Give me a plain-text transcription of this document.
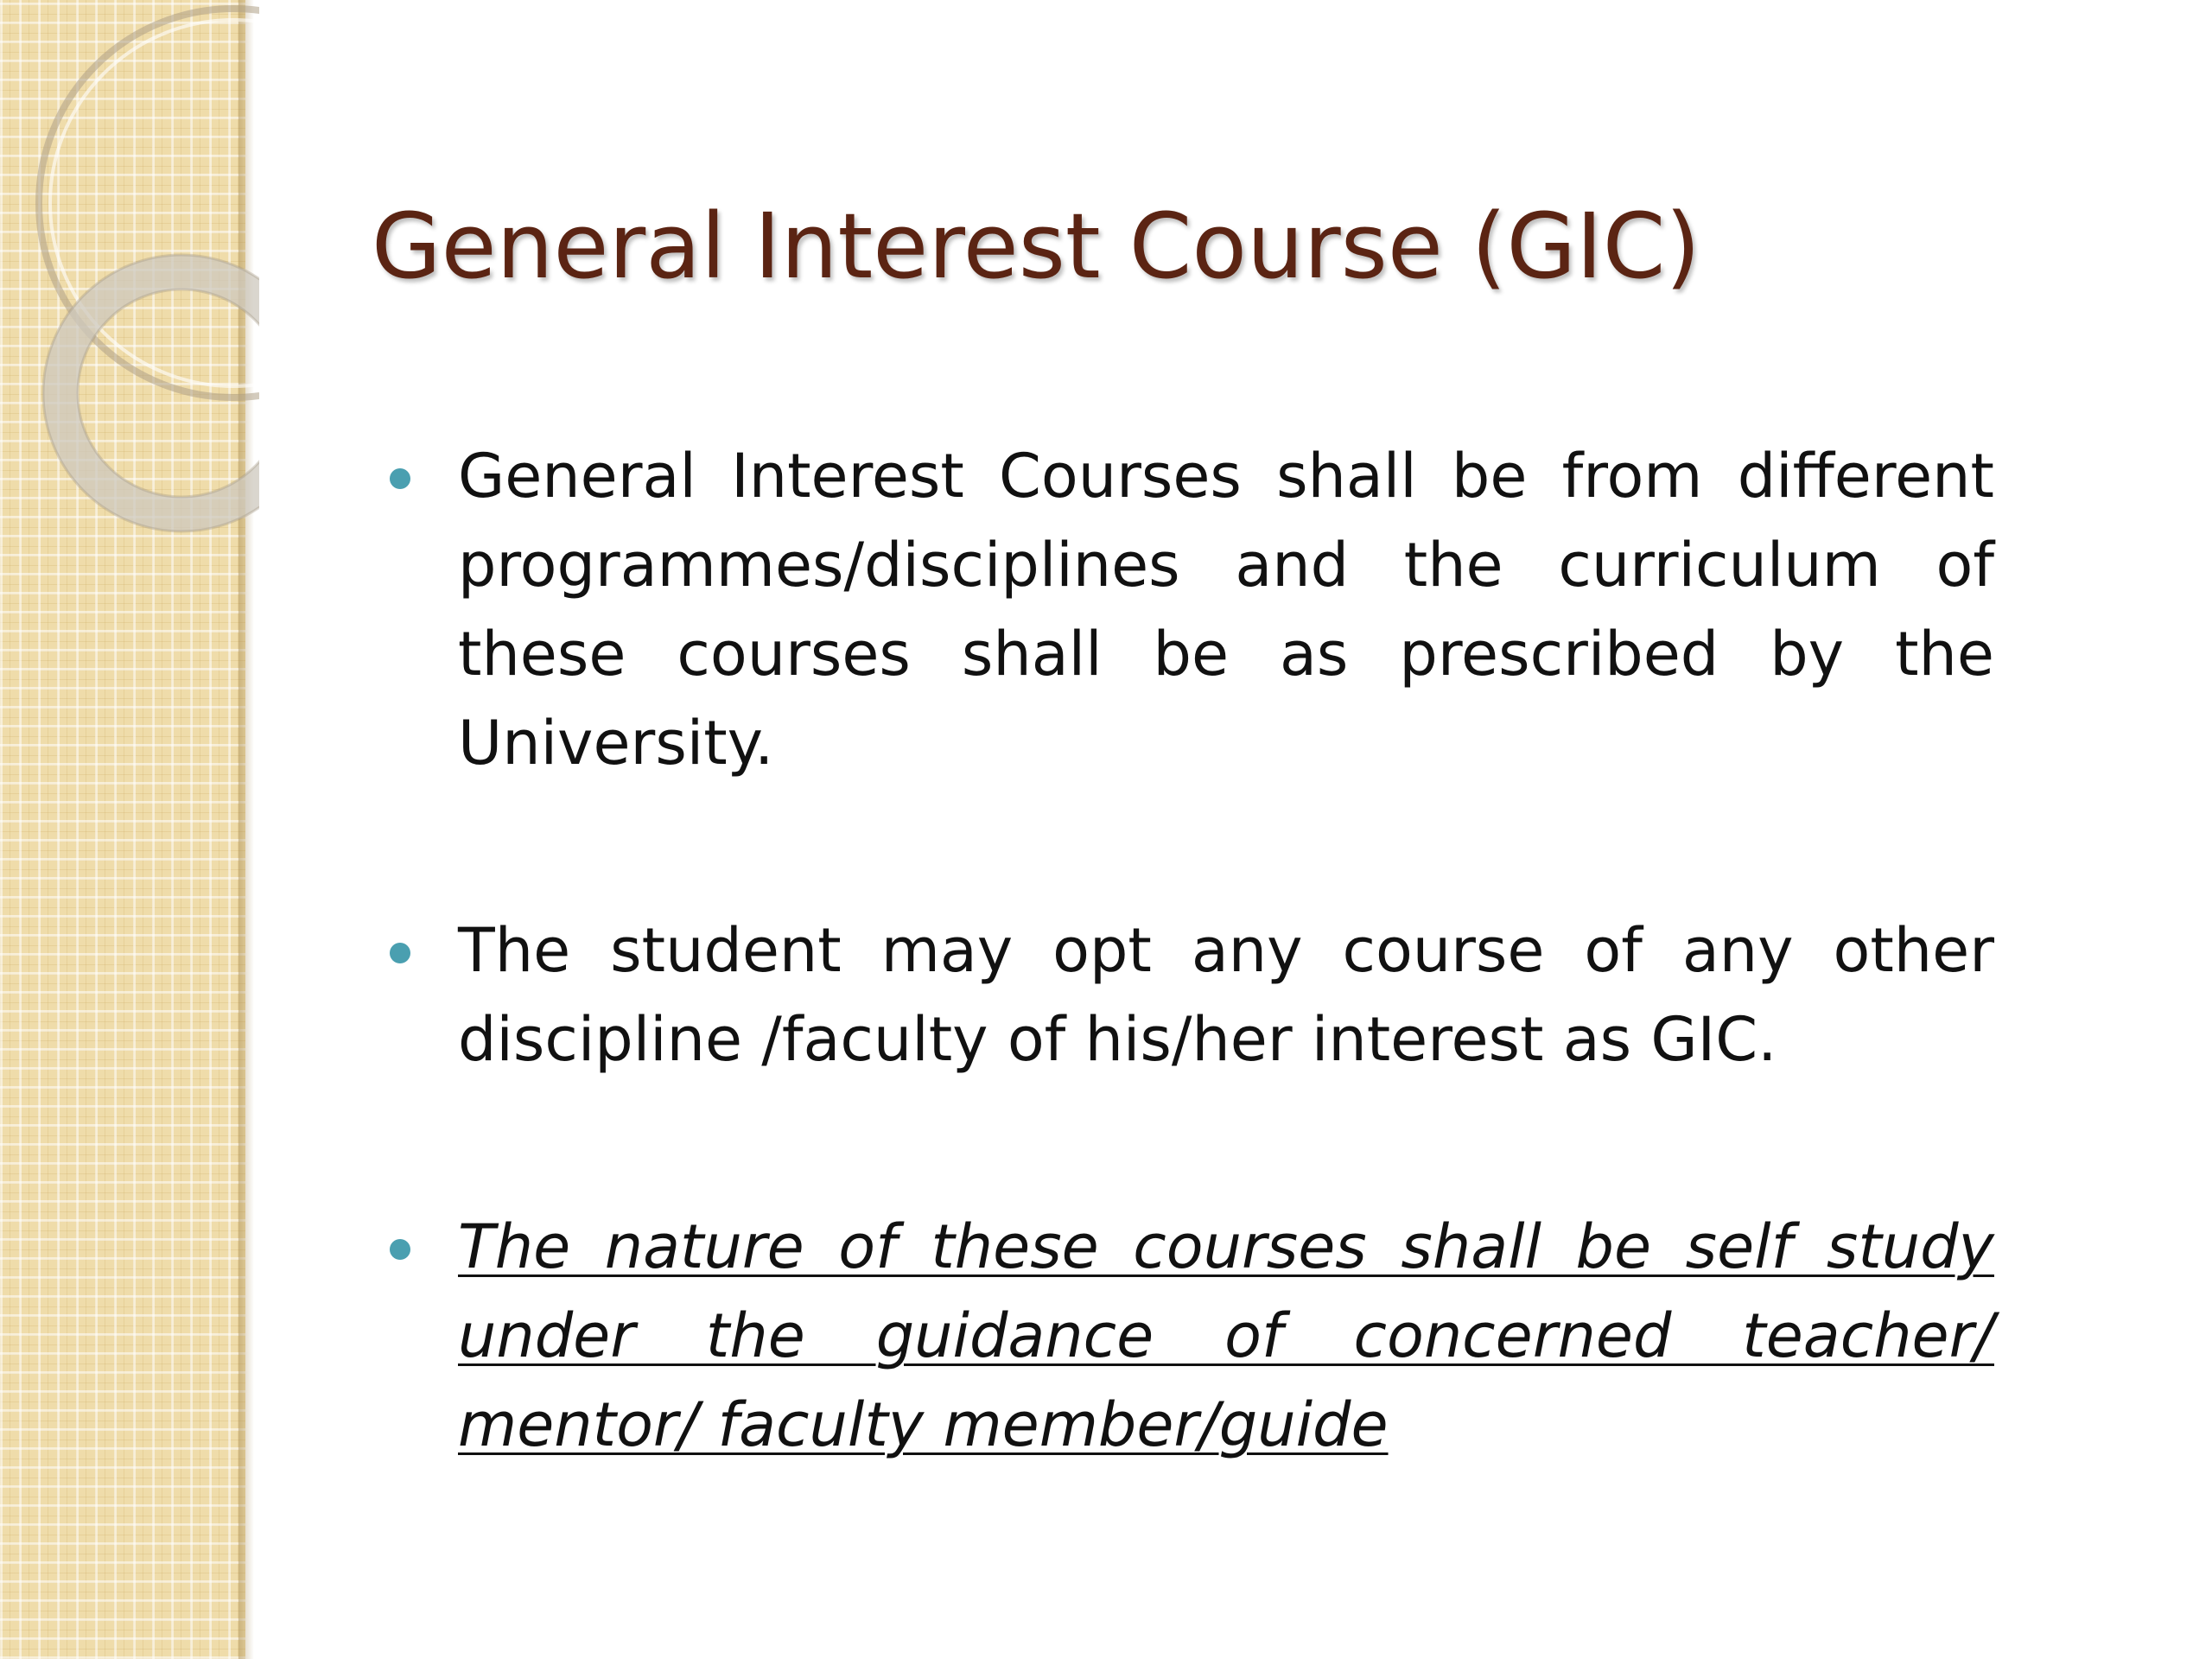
General Interest Course (GIC)
General Interest Courses shall be from different programmes/disciplines and the curriculum of these courses shall be as prescribed by the University.
The student may opt any course of any other discipline /faculty of his/her interest as GIC.
The nature of these courses shall be self study under the guidance of concerned teacher/ mentor/ faculty member/guide
